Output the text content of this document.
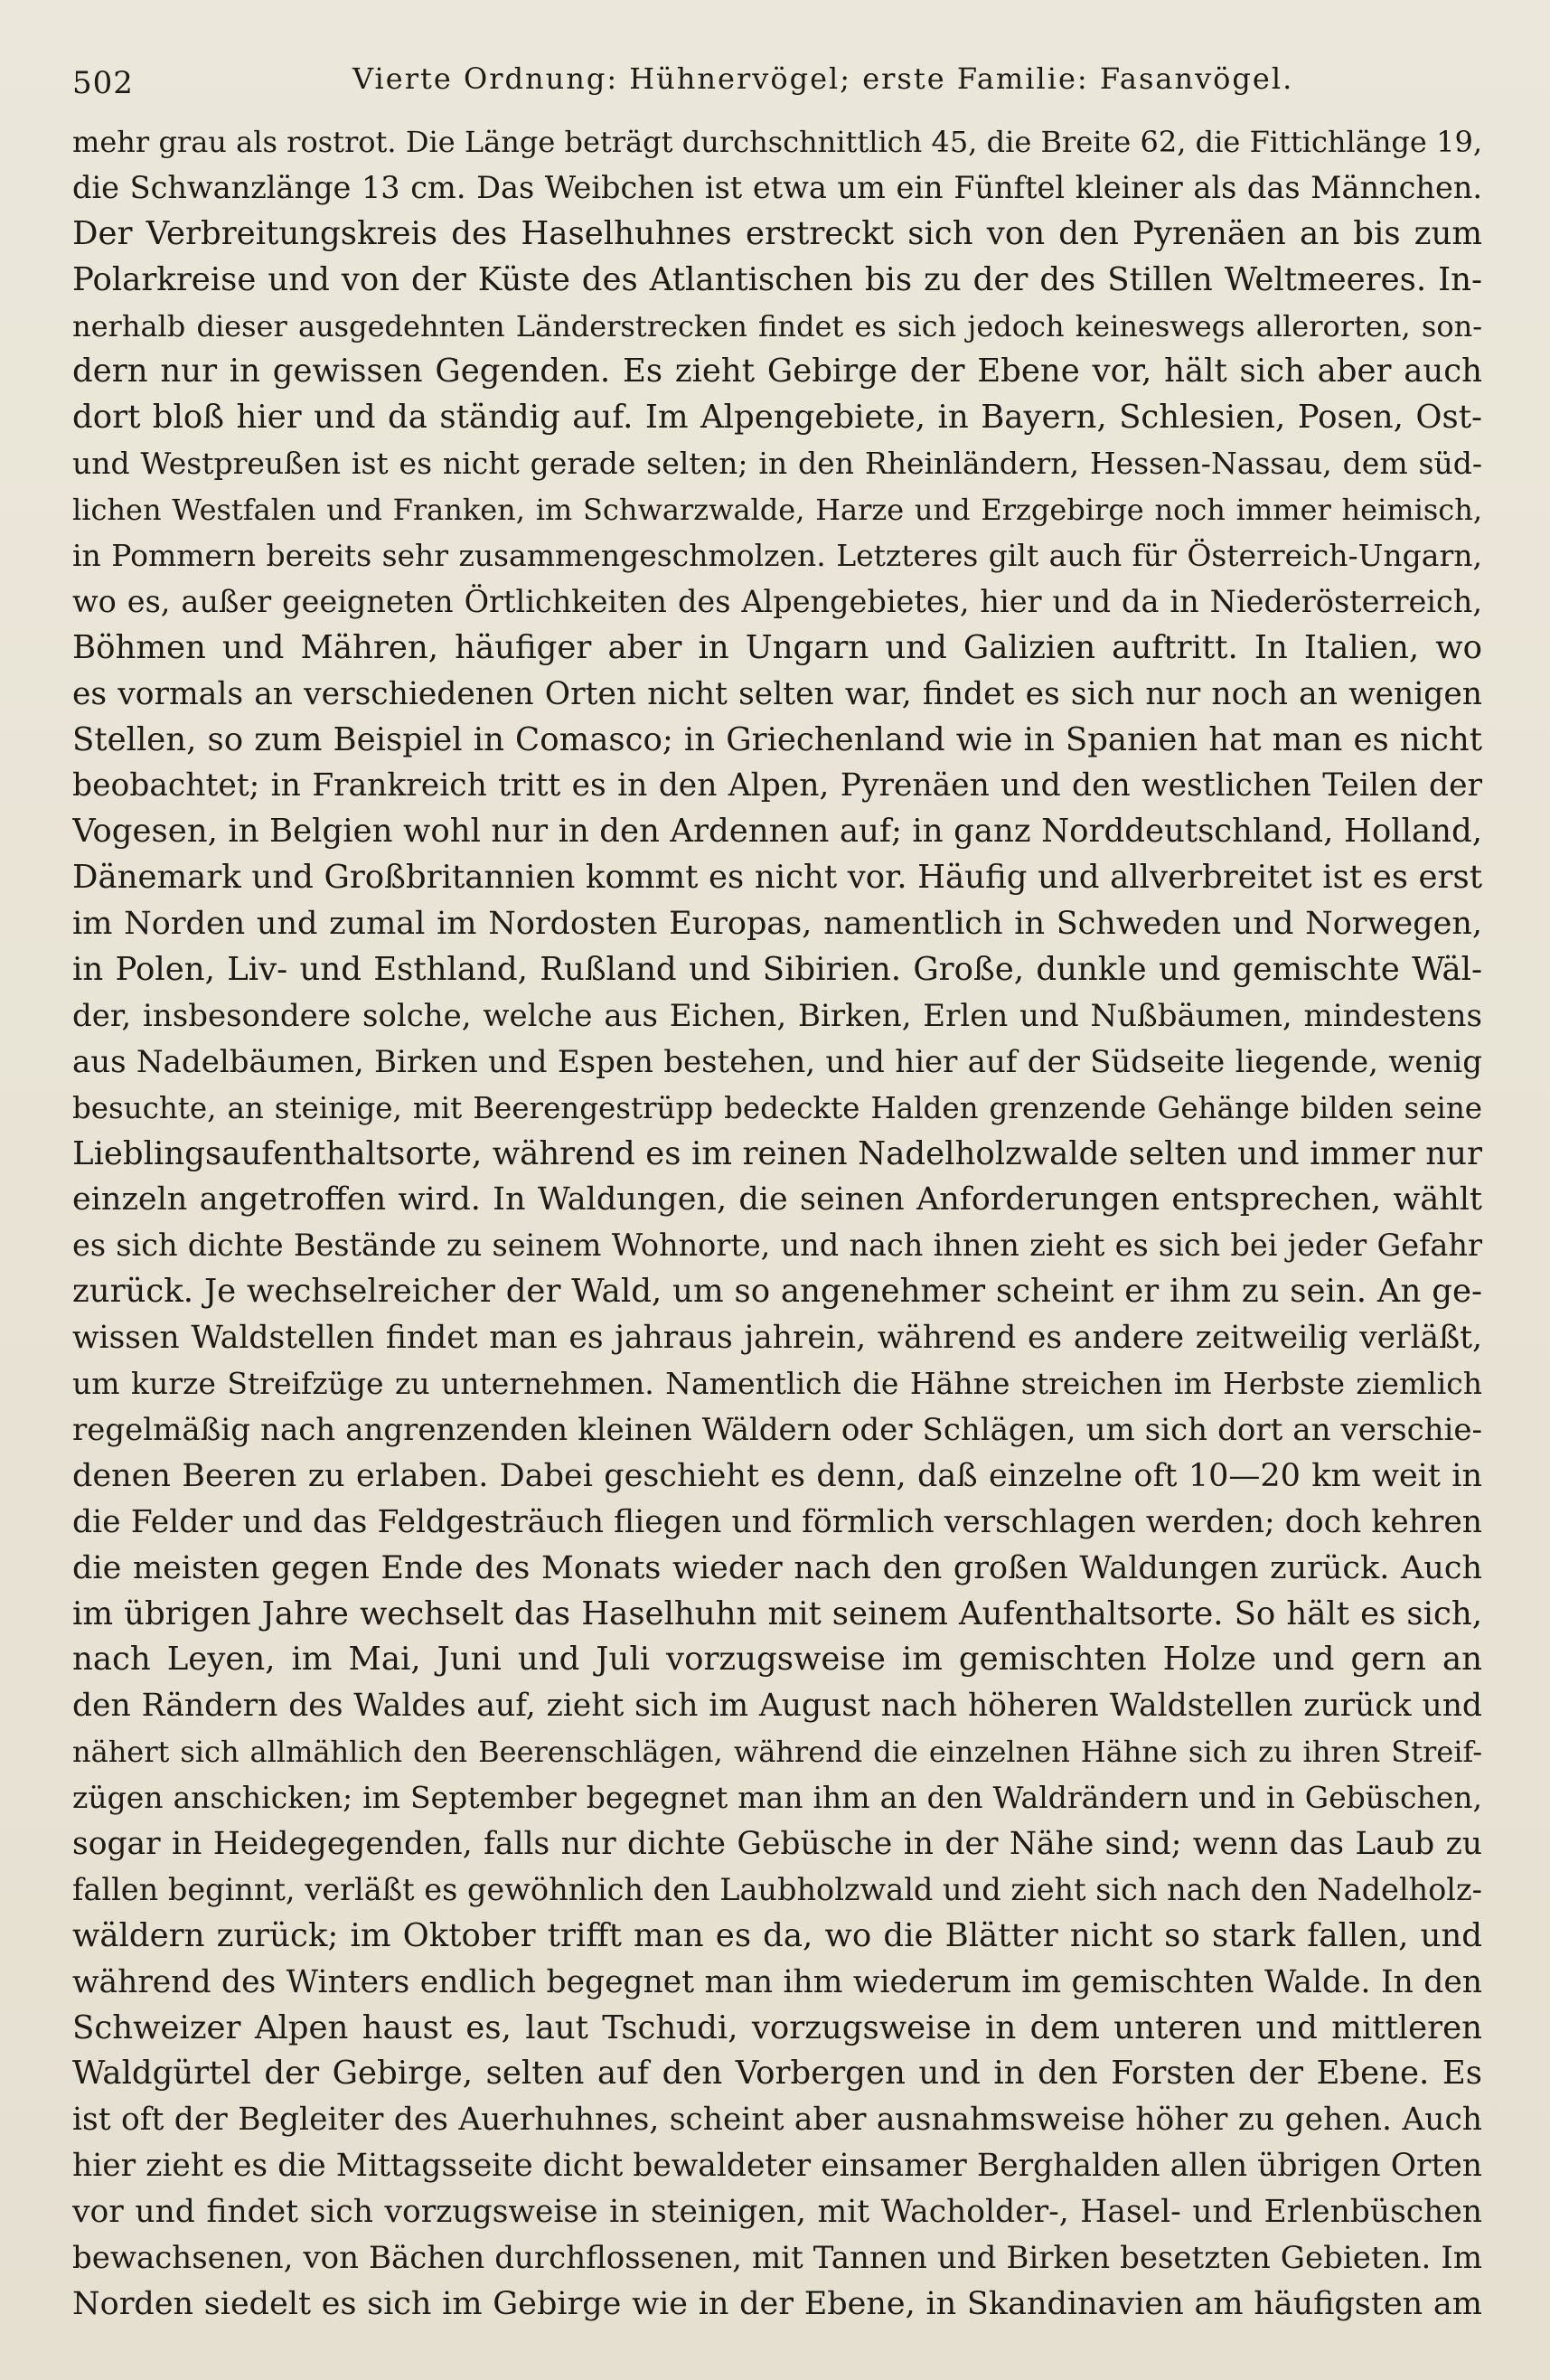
502	Vierte Ordnung: Hühnervögel; erste Familie: Fasanvögel.
mehr grau als rostrot. Die Länge beträgt durchschnittlich 45, die Breite 62, die Fittichlänge 19,
die Schwanzlänge 13 cm. Das Weibchen ist etwa um ein Fünftel kleiner als das Männchen.
Der Verbreitungskreis des Haselhuhnes erstreckt sich von den Pyrenäen an bis zum
Polarkreise und von der Küste des Atlantischen bis zu der des Stillen Weltmeeres. In-
nerhalb dieser ausgedehnten Länderstrecken findet es sich jedoch keineswegs allerorten, son-
dern nur in gewissen Gegenden. Es zieht Gebirge der Ebene vor, hält sich aber auch
dort bloß hier und da ständig auf. Im Alpengebiete, in Bayern, Schlesien, Posen, Ost-
und Westpreußen ist es nicht gerade selten; in den Rheinländern, Hessen-Nassau, dem süd-
lichen Westfalen und Franken, im Schwarzwalde, Harze und Erzgebirge noch immer heimisch,
in Pommern bereits sehr zusammengeschmolzen. Letzteres gilt auch für Österreich-Ungarn,
wo es, außer geeigneten Örtlichkeiten des Alpengebietes, hier und da in Niederösterreich,
Böhmen und Mähren, häufiger aber in Ungarn und Galizien auftritt. In Italien, wo
es vormals an verschiedenen Orten nicht selten war, findet es sich nur noch an wenigen
Stellen, so zum Beispiel in Comasco; in Griechenland wie in Spanien hat man es nicht
beobachtet; in Frankreich tritt es in den Alpen, Pyrenäen und den westlichen Teilen der
Vogesen, in Belgien wohl nur in den Ardennen auf; in ganz Norddeutschland, Holland,
Dänemark und Großbritannien kommt es nicht vor. Häufig und allverbreitet ist es erst
im Norden und zumal im Nordosten Europas, namentlich in Schweden und Norwegen,
in Polen, Liv- und Esthland, Rußland und Sibirien. Große, dunkle und gemischte Wäl-
der, insbesondere solche, welche aus Eichen, Birken, Erlen und Nußbäumen, mindestens
aus Nadelbäumen, Birken und Espen bestehen, und hier auf der Südseite liegende, wenig
besuchte, an steinige, mit Beerengestrüpp bedeckte Halden grenzende Gehänge bilden seine
Lieblingsaufenthaltsorte, während es im reinen Nadelholzwalde selten und immer nur
einzeln angetroffen wird. In Waldungen, die seinen Anforderungen entsprechen, wählt
es sich dichte Bestände zu seinem Wohnorte, und nach ihnen zieht es sich bei jeder Gefahr
zurück. Je wechselreicher der Wald, um so angenehmer scheint er ihm zu sein. An ge-
wissen Waldstellen findet man es jahraus jahrein, während es andere zeitweilig verläßt,
um kurze Streifzüge zu unternehmen. Namentlich die Hähne streichen im Herbste ziemlich
regelmäßig nach angrenzenden kleinen Wäldern oder Schlägen, um sich dort an verschie-
denen Beeren zu erlaben. Dabei geschieht es denn, daß einzelne oft 10—20 km weit in
die Felder und das Feldgesträuch fliegen und förmlich verschlagen werden; doch kehren
die meisten gegen Ende des Monats wieder nach den großen Waldungen zurück. Auch
im übrigen Jahre wechselt das Haselhuhn mit seinem Aufenthaltsorte. So hält es sich,
nach Leyen, im Mai, Juni und Juli vorzugsweise im gemischten Holze und gern an
den Rändern des Waldes auf, zieht sich im August nach höheren Waldstellen zurück und
nähert sich allmählich den Beerenschlägen, während die einzelnen Hähne sich zu ihren Streif-
zügen anschicken; im September begegnet man ihm an den Waldrändern und in Gebüschen,
sogar in Heidegegenden, falls nur dichte Gebüsche in der Nähe sind; wenn das Laub zu
fallen beginnt, verläßt es gewöhnlich den Laubholzwald und zieht sich nach den Nadelholz-
wäldern zurück; im Oktober trifft man es da, wo die Blätter nicht so stark fallen, und
während des Winters endlich begegnet man ihm wiederum im gemischten Walde. In den
Schweizer Alpen haust es, laut Tschudi, vorzugsweise in dem unteren und mittleren
Waldgürtel der Gebirge, selten auf den Vorbergen und in den Forsten der Ebene. Es
ist oft der Begleiter des Auerhuhnes, scheint aber ausnahmsweise höher zu gehen. Auch
hier zieht es die Mittagsseite dicht bewaldeter einsamer Berghalden allen übrigen Orten
vor und findet sich vorzugsweise in steinigen, mit Wacholder-, Hasel- und Erlenbüschen
bewachsenen, von Bächen durchflossenen, mit Tannen und Birken besetzten Gebieten. Im
Norden siedelt es sich im Gebirge wie in der Ebene, in Skandinavien am häufigsten am
